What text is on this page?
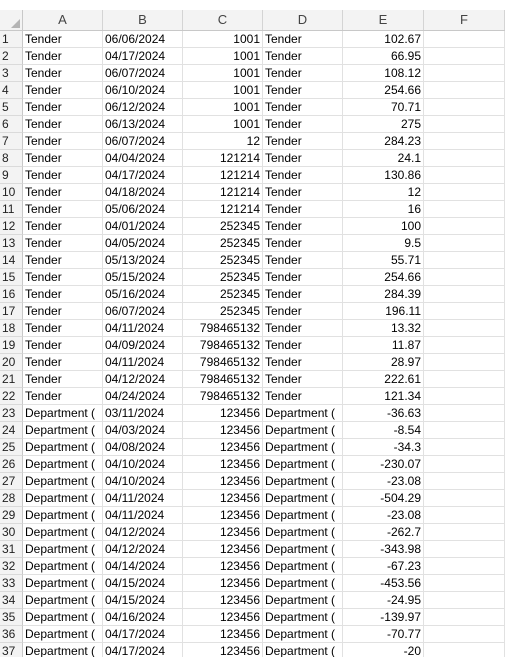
A	B	C	D	E	F
1	Tender	06/06/2024	1001 Tender	102.67
2	Tender	04/17/2024	1001 Tender	66.95
3	Tender	06/07/2024	1001 Tender	108.12
4	Tender	06/10/2024	1001 Tender	254.66
5	Tender	06/12/2024	1001 Tender	70.71
6	Tender	06/13/2024	1001 Tender	275
7	Tender	06/07/2024	12 Tender	284.23
8	Tender	04/04/2024	121214 Tender	24.1
9	Tender	04/17/2024	121214 Tender	130.86
10 Tender	04/18/2024	121214 Tender	12
11 Tender	05/06/2024	121214 Tender	16
12 Tender	04/01/2024	252345 Tender	100
13 Tender	04/05/2024	252345 Tender	9.5
14 Tender	05/13/2024	252345 Tender	55.71
15 Tender	05/15/2024	252345 Tender	254.66
16 Tender	05/16/2024	252345 Tender	284.39
17 Tender	06/07/2024	252345 Tender	196.11
18 Tender	04/11/2024	798465132 Tender	13.32
19 Tender	04/09/2024	798465132 Tender	11.87
20 Tender	04/11/2024	798465132 Tender	28.97
21 Tender	04/12/2024	798465132 Tender	222.61
22 Tender	04/24/2024	798465132 Tender	121.34
23 Department ( 03/11/2024	123456 Department (	-36.63
24 Department ( 04/03/2024	123456 Department (	-8.54
25 Department ( 04/08/2024	123456 Department (	-34.3
26 Department ( 04/10/2024	123456 Department (	-230.07
27 Department ( 04/10/2024	123456 Department (	-23.08
28 Department ( 04/11/2024	123456 Department (	-504.29
29 Department ( 04/11/2024	123456 Department (	-23.08
30 Department ( 04/12/2024	123456 Department (	-262.7
31 Department ( 04/12/2024	123456 Department (	-343.98
32 Department ( 04/14/2024	123456 Department (	-67.23
33 Department ( 04/15/2024	123456 Department (	-453.56
34 Department ( 04/15/2024	123456 Department (	-24.95
35 Department ( 04/16/2024	123456 Department (	-139.97
36 Department ( 04/17/2024	123456 Department (	-70.77
37 Department ( 04/17/2024	123456 Department (	-20
